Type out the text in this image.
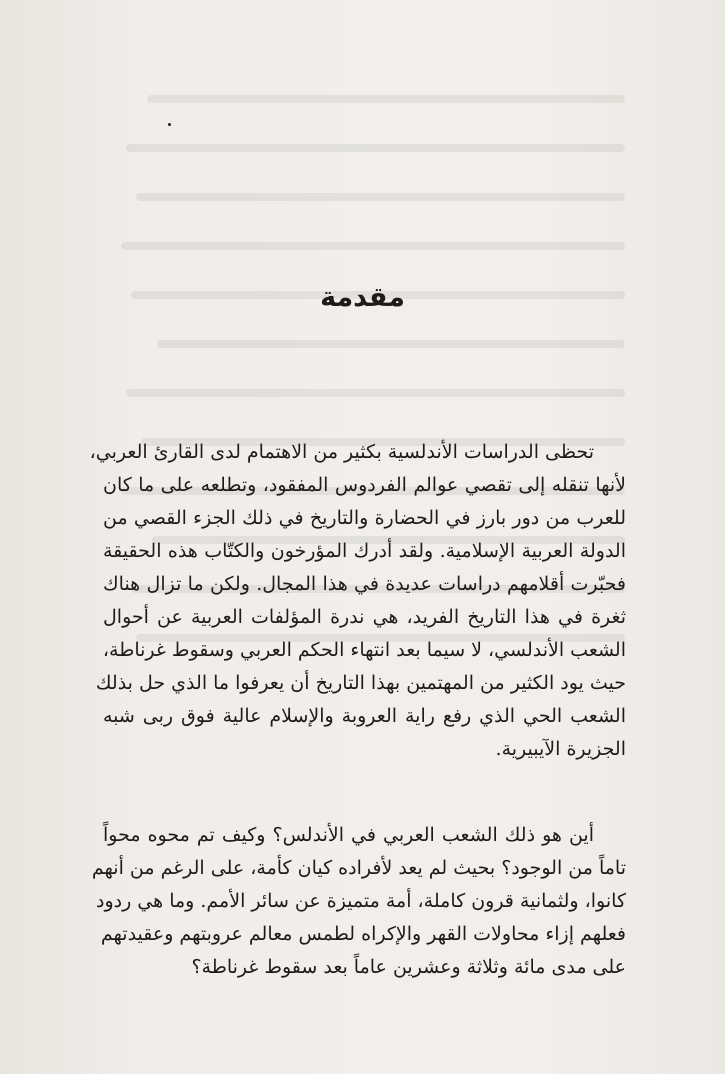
مقدمة
تحظى الدراسات الأندلسية بكثير من الاهتمام لدى القارئ العربي،
لأنها تنقله إلى تقصي عوالم الفردوس المفقود، وتطلعه على ما كان
للعرب من دور بارز في الحضارة والتاريخ في ذلك الجزء القصي من
الدولة العربية الإسلامية. ولقد أدرك المؤرخون والكتّاب هذه الحقيقة
فحبّرت أقلامهم دراسات عديدة في هذا المجال. ولكن ما تزال هناك
ثغرة في هذا التاريخ الفريد، هي ندرة المؤلفات العربية عن أحوال
الشعب الأندلسي، لا سيما بعد انتهاء الحكم العربي وسقوط غرناطة،
حيث يود الكثير من المهتمين بهذا التاريخ أن يعرفوا ما الذي حل بذلك
الشعب الحي الذي رفع راية العروبة والإسلام عالية فوق ربى شبه
الجزيرة الآيبيرية.
أين هو ذلك الشعب العربي في الأندلس؟ وكيف تم محوه محواً
تاماً من الوجود؟ بحيث لم يعد لأفراده كيان كأمة، على الرغم من أنهم
كانوا، ولثمانية قرون كاملة، أمة متميزة عن سائر الأمم. وما هي ردود
فعلهم إزاء محاولات القهر والإكراه لطمس معالم عروبتهم وعقيدتهم
على مدى مائة وثلاثة وعشرين عاماً بعد سقوط غرناطة؟
